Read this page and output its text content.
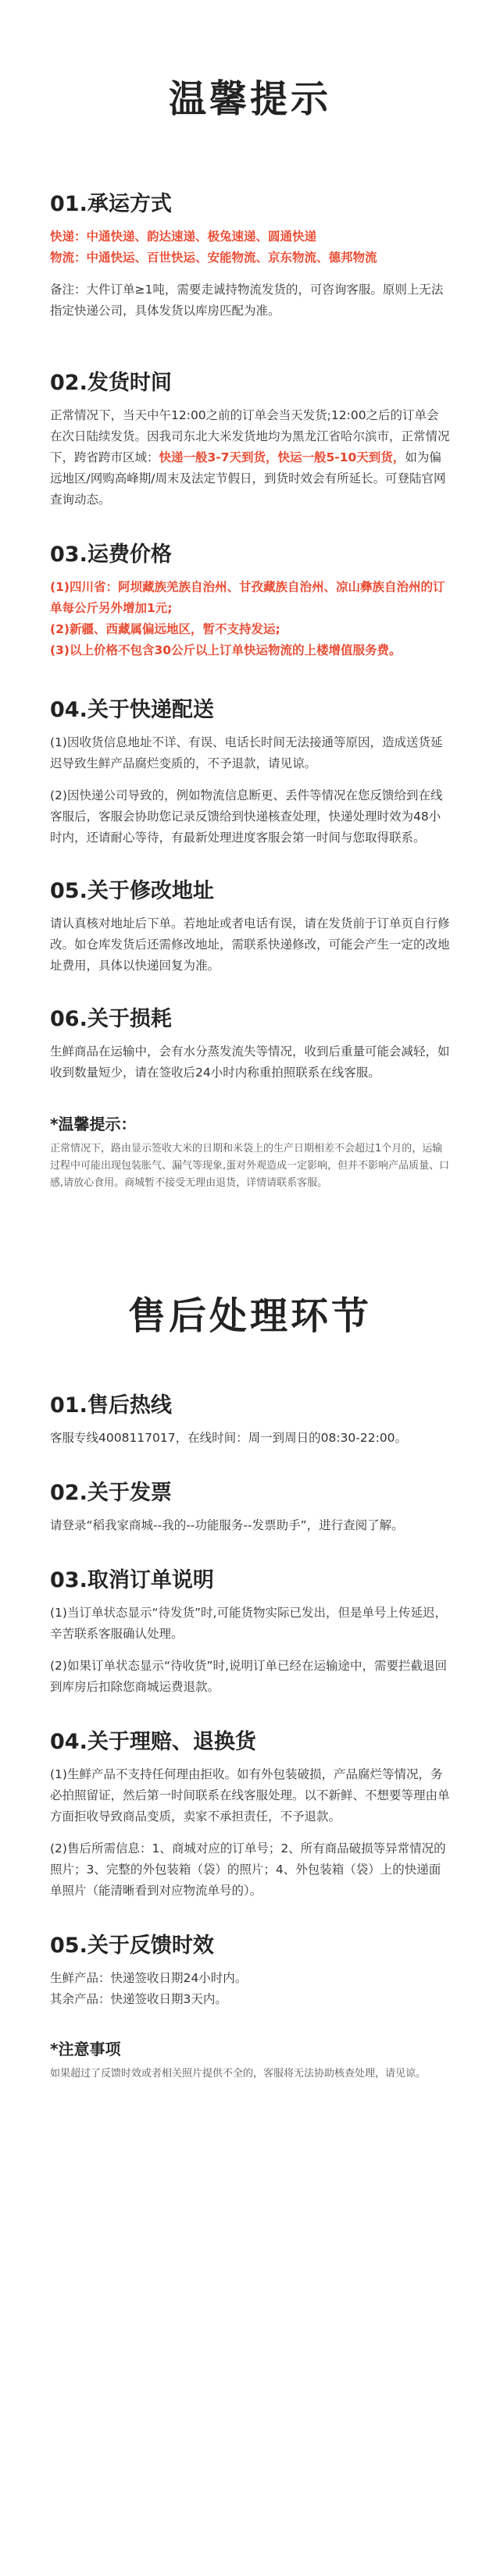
温馨提示
01.承运方式

快递：中通快递、韵达速递、极兔速递、圆通快递

物流：中通快运、百世快运、安能物流、京东物流、德邦物流

备注：大件订单≥1吨，需要走诚持物流发货的，可咨询客服。原则上无法指定快递公司，具体发货以库房匹配为准。

02.发货时间

正常情况下，当天中午12:00之前的订单会当天发货;12:00之后的订单会在次日陆续发货。因我司东北大米发货地均为黑龙江省哈尔滨市，正常情况下，跨省跨市区域：快递一般3-7天到货，快运一般5-10天到货，如为偏远地区/网购高峰期/周末及法定节假日，到货时效会有所延长。可登陆官网查询动态。

03.运费价格

(1)四川省：阿坝藏族羌族自治州、甘孜藏族自治州、凉山彝族自治州的订单每公斤另外增加1元;

(2)新疆、西藏属偏远地区，暂不支持发运;

(3)以上价格不包含30公斤以上订单快运物流的上楼增值服务费。

04.关于快递配送

(1)因收货信息地址不详、有误、电话长时间无法接通等原因，造成送货延迟导致生鲜产品腐烂变质的，不予退款，请见谅。

(2)因快递公司导致的，例如物流信息断更、丢件等情况在您反馈给到在线客服后，客服会协助您记录反馈给到快递核查处理，快递处理时效为48小时内，还请耐心等待，有最新处理进度客服会第一时间与您取得联系。

05.关于修改地址

请认真核对地址后下单。若地址或者电话有误，请在发货前于订单页自行修改。如仓库发货后还需修改地址，需联系快递修改，可能会产生一定的改地址费用，具体以快递回复为准。

06.关于损耗

生鲜商品在运输中，会有水分蒸发流失等情况，收到后重量可能会减轻，如收到数量短少，请在签收后24小时内称重拍照联系在线客服。

*温馨提示：

正常情况下，路由显示签收大米的日期和米袋上的生产日期相差不会超过1个月的，运输过程中可能出现包装胀气、漏气等现象,蛋对外观造成一定影响，但并不影响产品质量、口感,请放心食用。商城暂不接受无理由退货，详情请联系客服。

售后处理环节
01.售后热线

客服专线4008117017，在线时间：周一到周日的08:30-22:00。

02.关于发票

请登录“稻我家商城--我的--功能服务--发票助手”，进行查阅了解。

03.取消订单说明

(1)当订单状态显示“待发货”时,可能货物实际已发出，但是单号上传延迟，辛苦联系客服确认处理。

(2)如果订单状态显示“待收货”时,说明订单已经在运输途中，需要拦截退回到库房后扣除您商城运费退款。

04.关于理赔、退换货

(1)生鲜产品不支持任何理由拒收。如有外包装破损，产品腐烂等情况，务必拍照留证，然后第一时间联系在线客服处理。以不新鲜、不想要等理由单方面拒收导致商品变质，卖家不承担责任，不予退款。

(2)售后所需信息：1、商城对应的订单号；2、所有商品破损等异常情况的照片；3、完整的外包装箱（袋）的照片；4、外包装箱（袋）上的快递面单照片（能清晰看到对应物流单号的）。

05.关于反馈时效

生鲜产品：快递签收日期24小时内。

其余产品：快递签收日期3天内。

*注意事项

如果超过了反馈时效或者相关照片提供不全的，客服将无法协助核查处理，请见谅。
